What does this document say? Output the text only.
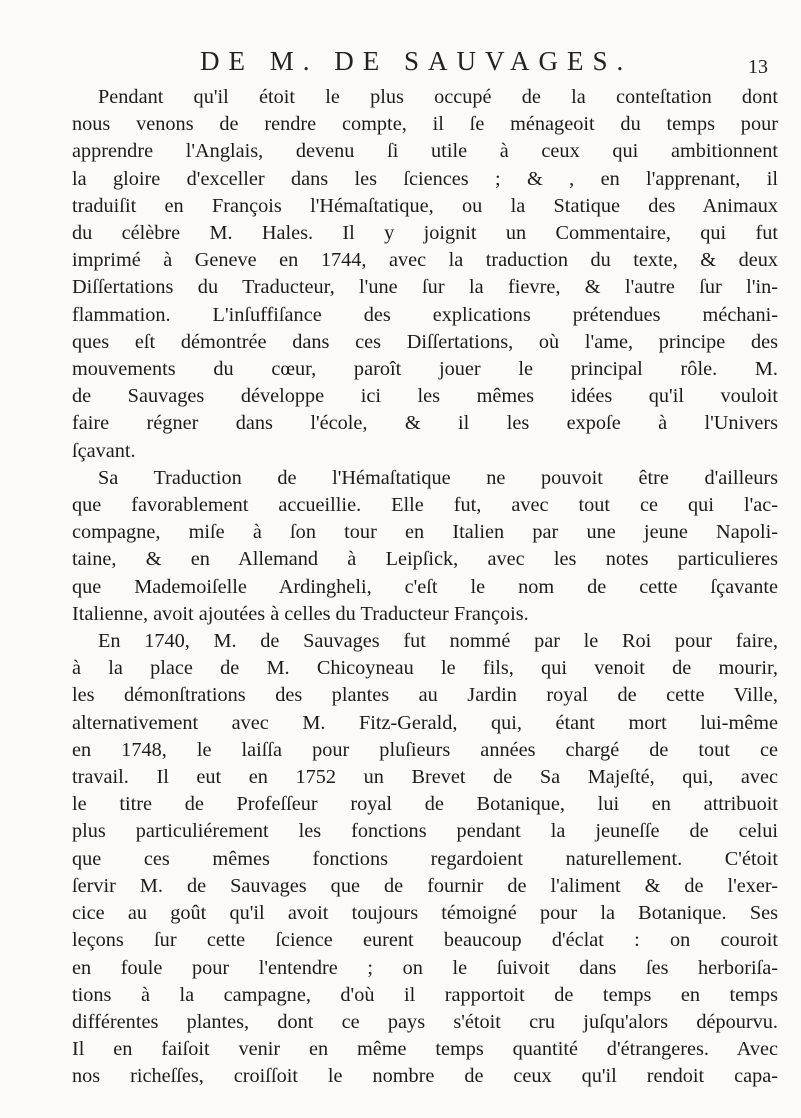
DE M. DE SAUVAGES.	13
Pendant qu'il étoit le plus occupé de la conteſtation dont
nous venons de rendre compte, il ſe ménageoit du temps pour
apprendre l'Anglais, devenu ſi utile à ceux qui ambitionnent
la gloire d'exceller dans les ſciences ; & , en l'apprenant, il
traduiſit en François l'Hémaſtatique, ou la Statique des Animaux
du célèbre M. Hales. Il y joignit un Commentaire, qui fut
imprimé à Geneve en 1744, avec la traduction du texte, & deux
Diſſertations du Traducteur, l'une ſur la fievre, & l'autre ſur l'in-
flammation. L'inſuffiſance des explications prétendues méchani-
ques eſt démontrée dans ces Diſſertations, où l'ame, principe des
mouvements du cœur, paroît jouer le principal rôle. M.
de Sauvages développe ici les mêmes idées qu'il vouloit
faire régner dans l'école, & il les expoſe à l'Univers
ſçavant.
Sa Traduction de l'Hémaſtatique ne pouvoit être d'ailleurs
que favorablement accueillie. Elle fut, avec tout ce qui l'ac-
compagne, miſe à ſon tour en Italien par une jeune Napoli-
taine, & en Allemand à Leipſick, avec les notes particulieres
que Mademoiſelle Ardingheli, c'eſt le nom de cette ſçavante
Italienne, avoit ajoutées à celles du Traducteur François.
En 1740, M. de Sauvages fut nommé par le Roi pour faire,
à la place de M. Chicoyneau le fils, qui venoit de mourir,
les démonſtrations des plantes au Jardin royal de cette Ville,
alternativement avec M. Fitz-Gerald, qui, étant mort lui-même
en 1748, le laiſſa pour pluſieurs années chargé de tout ce
travail. Il eut en 1752 un Brevet de Sa Majeſté, qui, avec
le titre de Profeſſeur royal de Botanique, lui en attribuoit
plus particuliérement les fonctions pendant la jeuneſſe de celui
que ces mêmes fonctions regardoient naturellement. C'étoit
ſervir M. de Sauvages que de fournir de l'aliment & de l'exer-
cice au goût qu'il avoit toujours témoigné pour la Botanique. Ses
leçons ſur cette ſcience eurent beaucoup d'éclat : on couroit
en foule pour l'entendre ; on le ſuivoit dans ſes herboriſa-
tions à la campagne, d'où il rapportoit de temps en temps
différentes plantes, dont ce pays s'étoit cru juſqu'alors dépourvu.
Il en faiſoit venir en même temps quantité d'étrangeres. Avec
nos richeſſes, croiſſoit le nombre de ceux qu'il rendoit capa-
